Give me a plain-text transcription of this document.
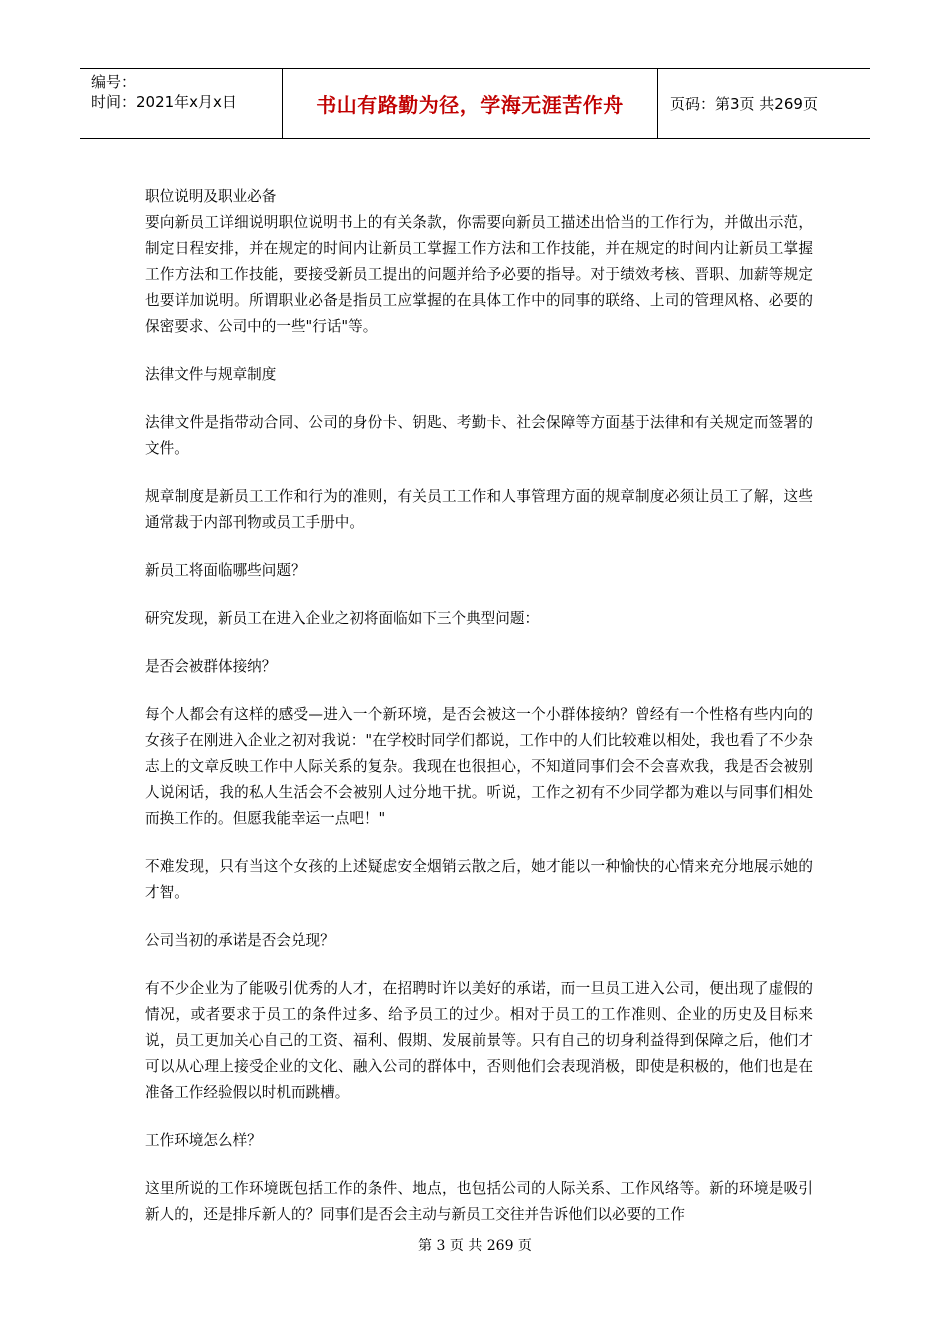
编号：
时间：2021年x月x日	书山有路勤为径，学海无涯苦作舟	页码：第3页 共269页

职位说明及职业必备

要向新员工详细说明职位说明书上的有关条款，你需要向新员工描述出恰当的工作行为，并做出示范，制定日程安排，并在规定的时间内让新员工掌握工作方法和工作技能，并在规定的时间内让新员工掌握工作方法和工作技能，要接受新员工提出的问题并给予必要的指导。对于绩效考核、晋职、加薪等规定也要详加说明。所谓职业必备是指员工应掌握的在具体工作中的同事的联络、上司的管理风格、必要的保密要求、公司中的一些"行话"等。

法律文件与规章制度

法律文件是指带动合同、公司的身份卡、钥匙、考勤卡、社会保障等方面基于法律和有关规定而签署的文件。

规章制度是新员工工作和行为的准则，有关员工工作和人事管理方面的规章制度必须让员工了解，这些通常裁于内部刊物或员工手册中。

新员工将面临哪些问题？

研究发现，新员工在进入企业之初将面临如下三个典型问题：

是否会被群体接纳？

每个人都会有这样的感受—进入一个新环境，是否会被这一个小群体接纳？曾经有一个性格有些内向的女孩子在刚进入企业之初对我说："在学校时同学们都说，工作中的人们比较难以相处，我也看了不少杂志上的文章反映工作中人际关系的复杂。我现在也很担心，不知道同事们会不会喜欢我，我是否会被别人说闲话，我的私人生活会不会被别人过分地干扰。听说，工作之初有不少同学都为难以与同事们相处而换工作的。但愿我能幸运一点吧！"

不难发现，只有当这个女孩的上述疑虑安全烟销云散之后，她才能以一种愉快的心情来充分地展示她的才智。

公司当初的承诺是否会兑现？

有不少企业为了能吸引优秀的人才，在招聘时许以美好的承诺，而一旦员工进入公司，便出现了虚假的情况，或者要求于员工的条件过多、给予员工的过少。相对于员工的工作准则、企业的历史及目标来说，员工更加关心自己的工资、福利、假期、发展前景等。只有自己的切身利益得到保障之后，他们才可以从心理上接受企业的文化、融入公司的群体中，否则他们会表现消极，即使是积极的，他们也是在准备工作经验假以时机而跳槽。

工作环境怎么样？

这里所说的工作环境既包括工作的条件、地点，也包括公司的人际关系、工作风络等。新的环境是吸引新人的，还是排斥新人的？同事们是否会主动与新员工交往并告诉他们以必要的工作

第 3 页 共 269 页
